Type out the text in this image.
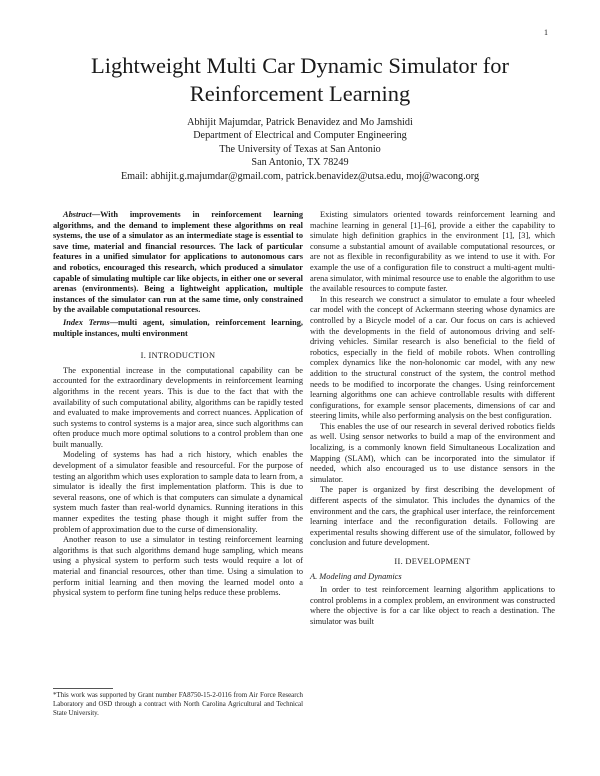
1
Lightweight Multi Car Dynamic Simulator for Reinforcement Learning
Abhijit Majumdar, Patrick Benavidez and Mo Jamshidi
Department of Electrical and Computer Engineering
The University of Texas at San Antonio
San Antonio, TX 78249
Email: abhijit.g.majumdar@gmail.com, patrick.benavidez@utsa.edu, moj@wacong.org

Abstract—With improvements in reinforcement learning algorithms, and the demand to implement these algorithms on real systems, the use of a simulator as an intermediate stage is essential to save time, material and financial resources. The lack of particular features in a unified simulator for applications to autonomous cars and robotics, encouraged this research, which produced a simulator capable of simulating multiple car like objects, in either one or several arenas (environments). Being a lightweight application, multiple instances of the simulator can run at the same time, only constrained by the available computational resources.

Index Terms—multi agent, simulation, reinforcement learning, multiple instances, multi environment

I. INTRODUCTION

The exponential increase in the computational capability can be accounted for the extraordinary developments in reinforcement learning algorithms in the recent years. This is due to the fact that with the availability of such computational ability, algorithms can be rapidly tested and evaluated to make improvements and correct nuances. Application of such systems to control systems is a major area, since such algorithms can often produce much more optimal solutions to a control problem than one built manually.

Modeling of systems has had a rich history, which enables the development of a simulator feasible and resourceful. For the purpose of testing an algorithm which uses exploration to sample data to learn from, a simulator is ideally the first implementation platform. This is due to several reasons, one of which is that computers can simulate a dynamical system much faster than real-world dynamics. Running iterations in this manner expedites the testing phase though it might suffer from the problem of approximation due to the curse of dimensionality.

Another reason to use a simulator in testing reinforcement learning algorithms is that such algorithms demand huge sampling, which means using a physical system to perform such tests would require a lot of material and financial resources, other than time. Using a simulation to perform initial learning and then moving the learned model onto a physical system to perform fine tuning helps reduce these problems.

*This work was supported by Grant number FA8750-15-2-0116 from Air Force Research Laboratory and OSD through a contract with North Carolina Agricultural and Technical State University.

Existing simulators oriented towards reinforcement learning and machine learning in general [1]–[6], provide a either the capability to simulate high definition graphics in the environment [1], [3], which consume a substantial amount of available computational resources, or are not as flexible in reconfigurability as we intend to use it with. For example the use of a configuration file to construct a multi-agent multi-arena simulator, with minimal resource use to enable the algorithm to use the available resources to compute faster.

In this research we construct a simulator to emulate a four wheeled car model with the concept of Ackermann steering whose dynamics are controlled by a Bicycle model of a car. Our focus on cars is achieved with the developments in the field of autonomous driving and self-driving vehicles. Similar research is also beneficial to the field of robotics, especially in the field of mobile robots. When controlling complex dynamics like the non-holonomic car model, with any new addition to the structural construct of the system, the control method needs to be modified to incorporate the changes. Using reinforcement learning algorithms one can achieve controllable results with different configurations, for example sensor placements, dimensions of car and steering limits, while also performing analysis on the best configuration.

This enables the use of our research in several derived robotics fields as well. Using sensor networks to build a map of the environment and localizing, is a commonly known field Simultaneous Localization and Mapping (SLAM), which can be incorporated into the simulator if needed, which also encouraged us to use distance sensors in the simulator.

The paper is organized by first describing the development of different aspects of the simulator. This includes the dynamics of the environment and the cars, the graphical user interface, the reinforcement learning interface and the reconfiguration details. Following are experimental results showing different use of the simulator, followed by conclusion and future development.

II. DEVELOPMENT
A. Modeling and Dynamics

In order to test reinforcement learning algorithm applications to control problems in a complex problem, an environment was constructed where the objective is for a car like object to reach a destination. The simulator was built
